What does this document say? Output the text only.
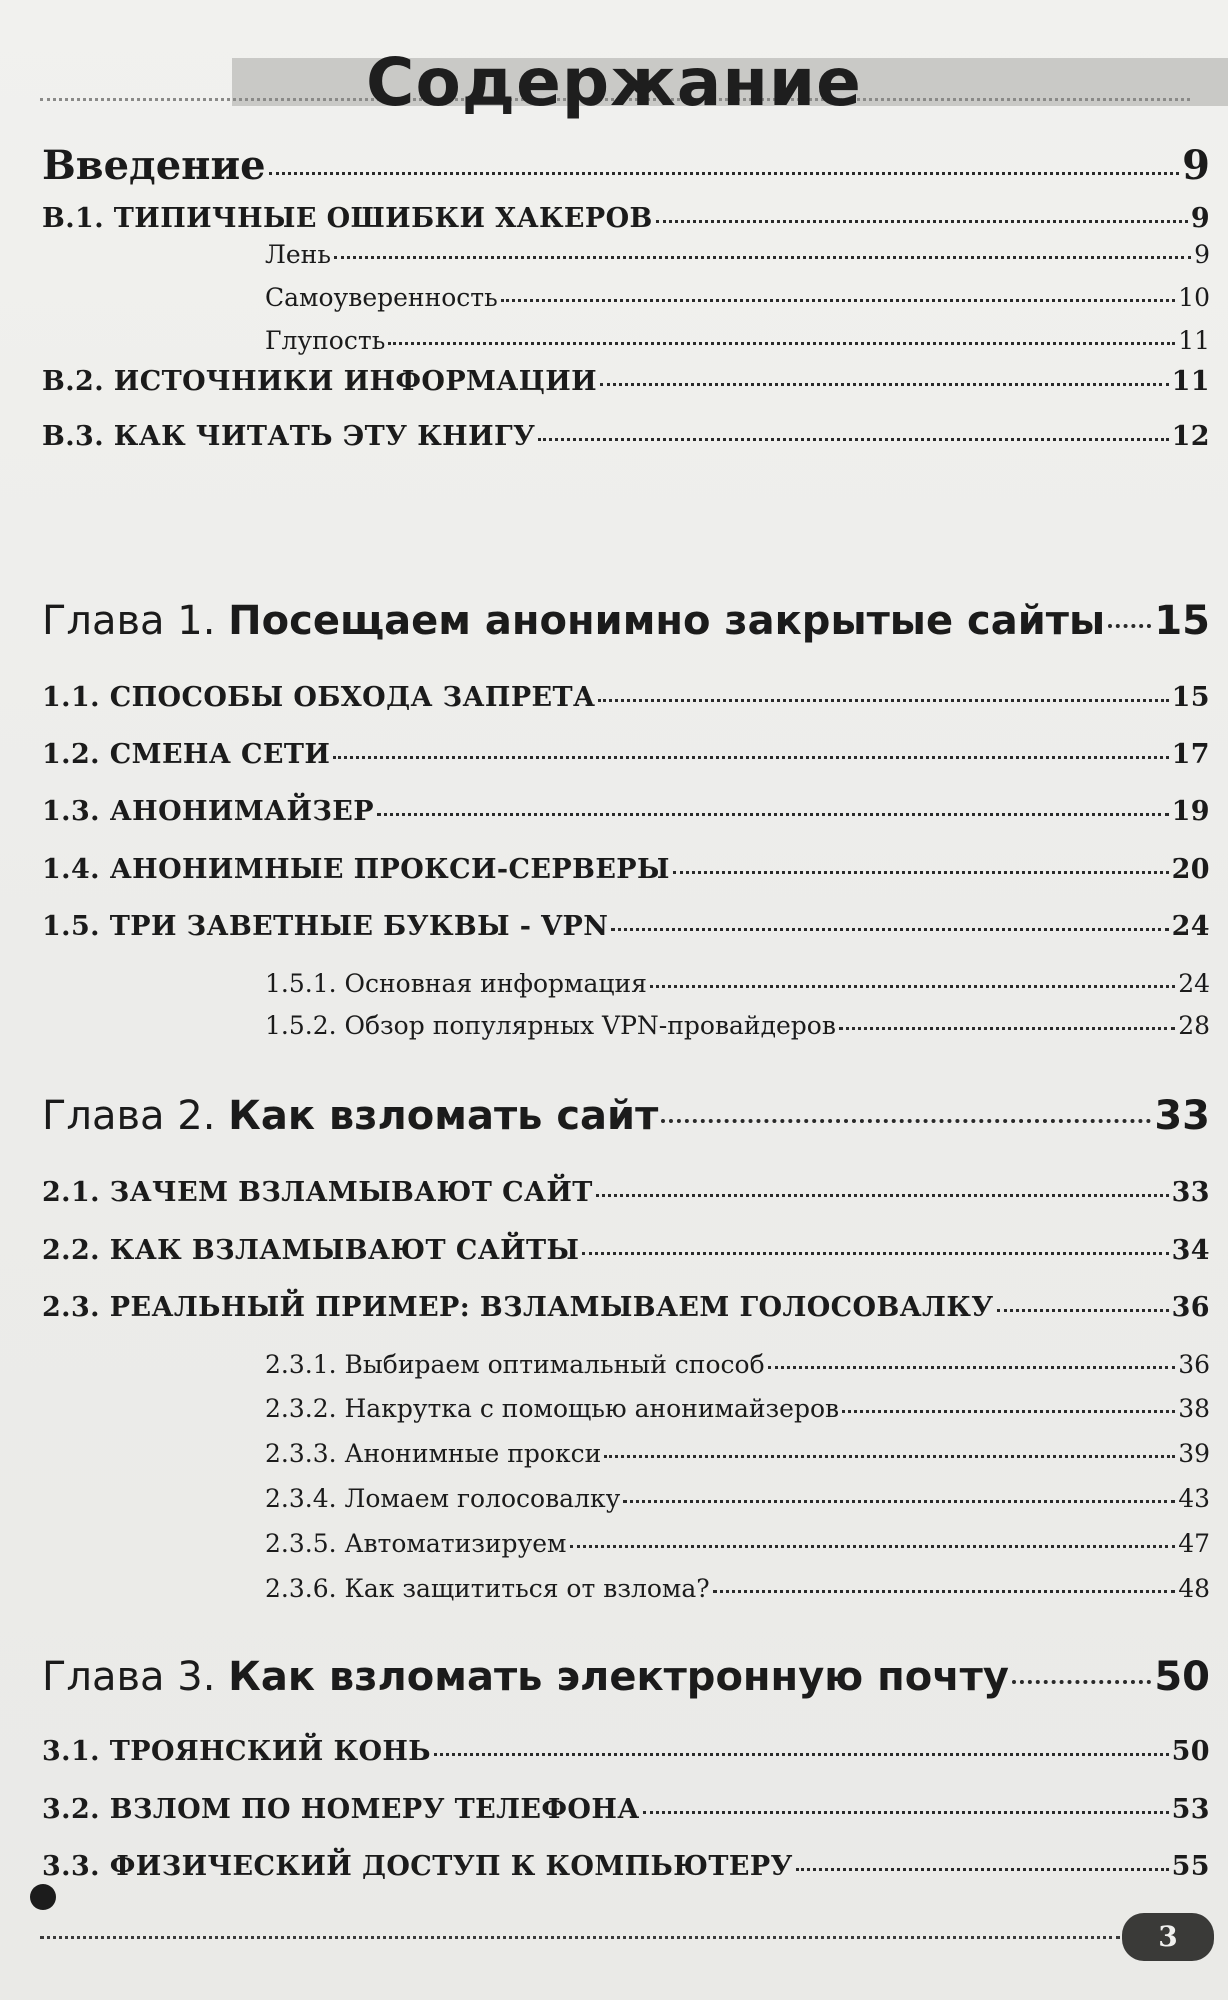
Содержание
Введение	9
В.1. ТИПИЧНЫЕ ОШИБКИ ХАКЕРОВ	9
Лень	9
Самоуверенность	10
Глупость	11
В.2. ИСТОЧНИКИ ИНФОРМАЦИИ	11
В.3. КАК ЧИТАТЬ ЭТУ КНИГУ	12
Глава 1. Посещаем анонимно закрытые сайты 15
1.1. СПОСОБЫ ОБХОДА ЗАПРЕТА	15
1.2. СМЕНА СЕТИ	17
1.3. АНОНИМАЙЗЕР	19
1.4. АНОНИМНЫЕ ПРОКСИ-СЕРВЕРЫ	20
1.5. ТРИ ЗАВЕТНЫЕ БУКВЫ - VPN	24
1.5.1. Основная информация	24
1.5.2. Обзор популярных VPN-провайдеров	28
Глава 2. Как взломать сайт	33
2.1. ЗАЧЕМ ВЗЛАМЫВАЮТ САЙТ	33
2.2. КАК ВЗЛАМЫВАЮТ САЙТЫ	34
2.3. РЕАЛЬНЫЙ ПРИМЕР: ВЗЛАМЫВАЕМ ГОЛОСОВАЛКУ	36
2.3.1. Выбираем оптимальный способ	36
2.3.2. Накрутка с помощью анонимайзеров	38
2.3.3. Анонимные прокси	39
2.3.4. Ломаем голосовалку	43
2.3.5. Автоматизируем	47
2.3.6. Как защититься от взлома?	48
Глава 3. Как взломать электронную почту	50
3.1. ТРОЯНСКИЙ КОНЬ	50
3.2. ВЗЛОМ ПО НОМЕРУ ТЕЛЕФОНА	53
3.3. ФИЗИЧЕСКИЙ ДОСТУП К КОМПЬЮТЕРУ	55
3
